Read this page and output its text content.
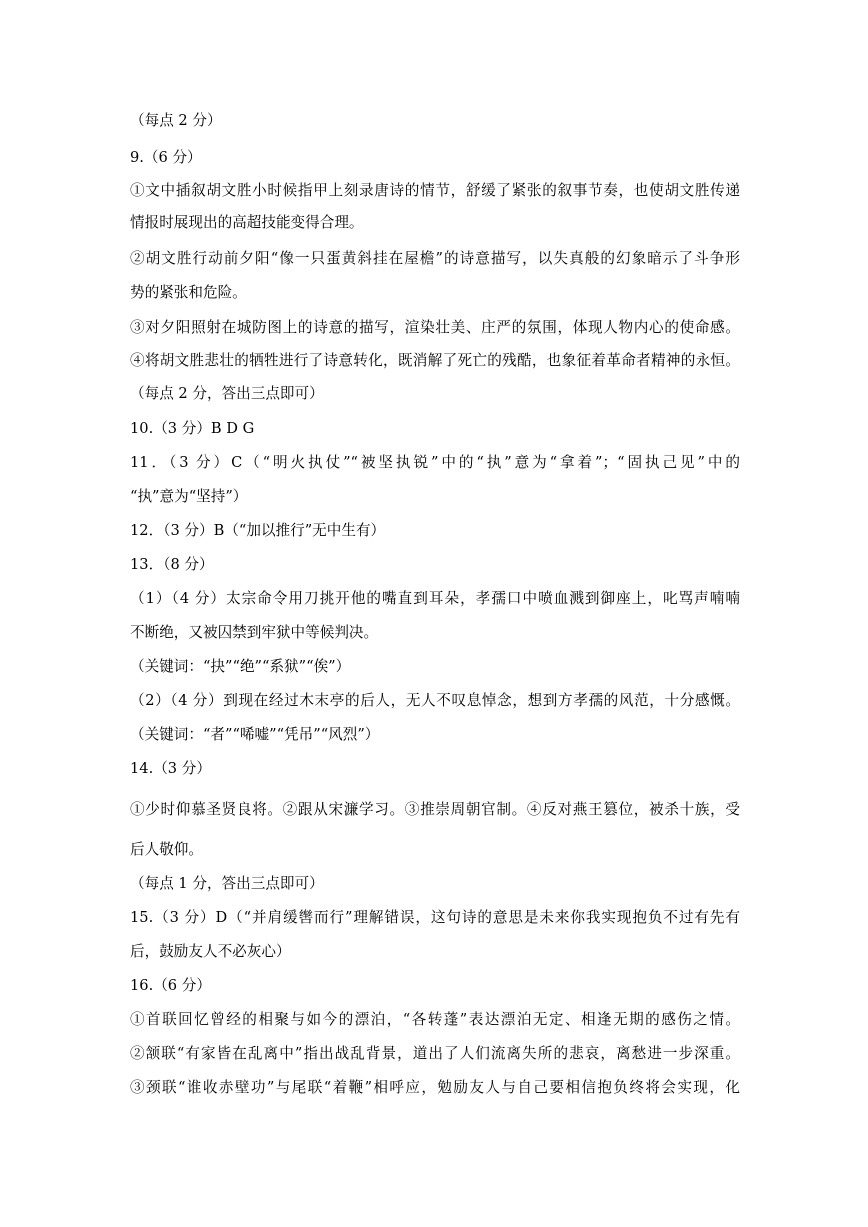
（每点 2 分）
9.（6 分）
①文中插叙胡文胜小时候指甲上刻录唐诗的情节，舒缓了紧张的叙事节奏，也使胡文胜传递
情报时展现出的高超技能变得合理。
②胡文胜行动前夕阳“像一只蛋黄斜挂在屋檐”的诗意描写，以失真般的幻象暗示了斗争形
势的紧张和危险。
③对夕阳照射在城防图上的诗意的描写，渲染壮美、庄严的氛围，体现人物内心的使命感。
④将胡文胜悲壮的牺牲进行了诗意转化，既消解了死亡的残酷，也象征着革命者精神的永恒。
（每点 2 分，答出三点即可）
10.（3 分）B D G
11．（3 分）C（“明火执仗”“被坚执锐”中的“执”意为“拿着”；“固执己见”中的
“执”意为“坚持”）
12．（3 分）B（“加以推行”无中生有）
13．（8 分）
（1）（4 分）太宗命令用刀挑开他的嘴直到耳朵，孝孺口中喷血溅到御座上，叱骂声喃喃
不断绝，又被囚禁到牢狱中等候判决。
（关键词：“抉”“绝”“系狱”“俟”）
（2）（4 分）到现在经过木末亭的后人，无人不叹息悼念，想到方孝孺的风范，十分感慨。
（关键词：“者”“唏嘘”“凭吊”“风烈”）
14.（3 分）
①少时仰慕圣贤良将。②跟从宋濂学习。③推崇周朝官制。④反对燕王篡位，被杀十族，受
后人敬仰。
（每点 1 分，答出三点即可）
15.（3 分）D（“并肩缓辔而行”理解错误，这句诗的意思是未来你我实现抱负不过有先有
后，鼓励友人不必灰心）
16.（6 分）
①首联回忆曾经的相聚与如今的漂泊，“各转蓬”表达漂泊无定、相逢无期的感伤之情。
②颔联“有家皆在乱离中”指出战乱背景，道出了人们流离失所的悲哀，离愁进一步深重。
③颈联“谁收赤壁功”与尾联“着鞭”相呼应，勉励友人与自己要相信抱负终将会实现，化
